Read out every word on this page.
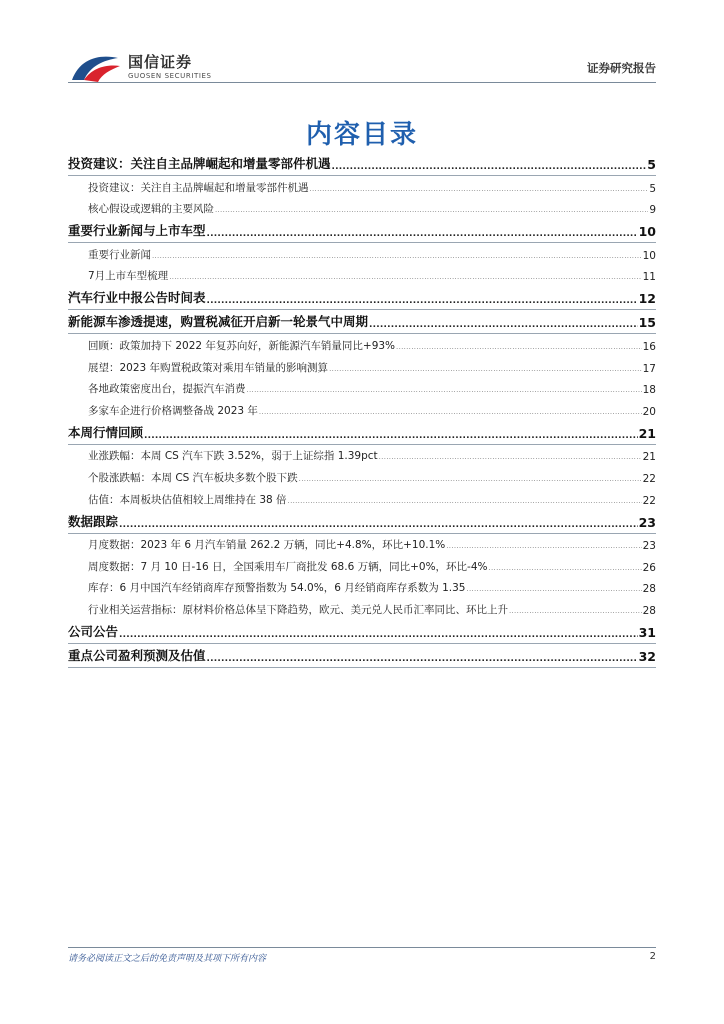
国信证券
GUOSEN SECURITIES
证券研究报告
内容目录
投资建议：关注自主品牌崛起和增量零部件机遇 .....	5
投资建议：关注自主品牌崛起和增量零部件机遇 .....	5
核心假设或逻辑的主要风险 .....	9
重要行业新闻与上市车型 .....	10
重要行业新闻 .....	10
7月上市车型梳理 .....	11
汽车行业中报公告时间表 .....	12
新能源车渗透提速，购置税减征开启新一轮景气中周期 .....	15
回顾：政策加持下 2022 年复苏向好，新能源汽车销量同比+93% .....	16
展望：2023 年购置税政策对乘用车销量的影响测算 .....	17
各地政策密度出台，提振汽车消费 .....	18
多家车企进行价格调整备战 2023 年 .....	20
本周行情回顾 .....	21
业涨跌幅：本周 CS 汽车下跌 3.52%，弱于上证综指 1.39pct .....	21
个股涨跌幅：本周 CS 汽车板块多数个股下跌 .....	22
估值：本周板块估值相较上周维持在 38 倍 .....	22
数据跟踪 .....	23
月度数据：2023 年 6 月汽车销量 262.2 万辆，同比+4.8%，环比+10.1% .....	23
周度数据：7 月 10 日-16 日，全国乘用车厂商批发 68.6 万辆，同比+0%，环比-4% .....	26
库存：6 月中国汽车经销商库存预警指数为 54.0%，6 月经销商库存系数为 1.35 .....	28
行业相关运营指标：原材料价格总体呈下降趋势，欧元、美元兑人民币汇率同比、环比上升 .....	28
公司公告 .....	31
重点公司盈利预测及估值 .....	32
请务必阅读正文之后的免责声明及其项下所有内容	2
